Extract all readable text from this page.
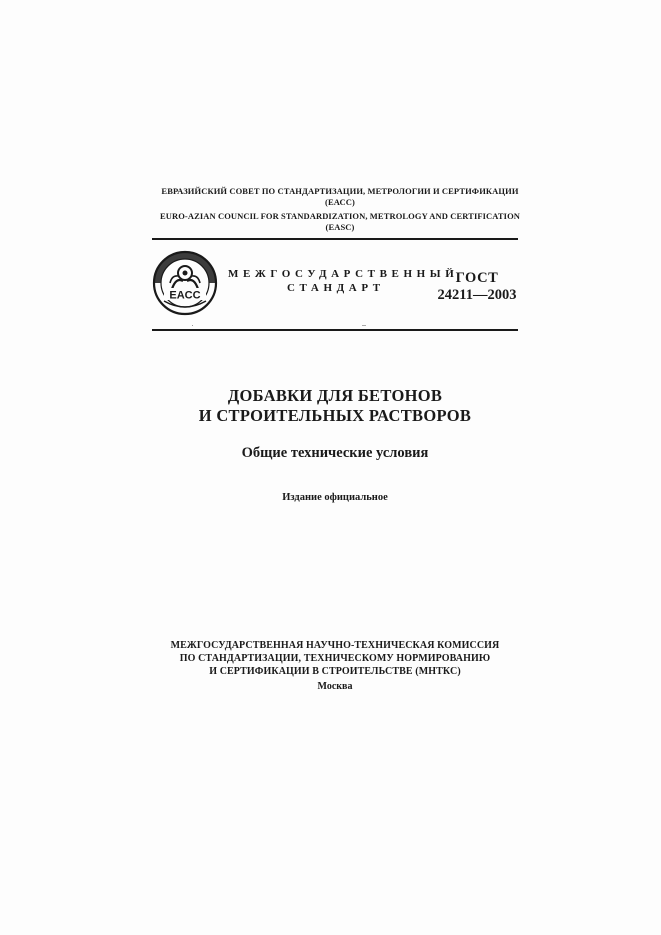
ЕВРАЗИЙСКИЙ СОВЕТ ПО СТАНДАРТИЗАЦИИ, МЕТРОЛОГИИ И СЕРТИФИКАЦИИ
(ЕАСС)
EURO-AZIAN COUNCIL FOR STANDARDIZATION, METROLOGY AND CERTIFICATION
(EASC)
EACC
МЕЖГОСУДАРСТВЕННЫЙ
СТАНДАРТ
ГОСТ
24211—2003
ДОБАВКИ ДЛЯ БЕТОНОВ
И СТРОИТЕЛЬНЫХ РАСТВОРОВ
Общие технические условия
Издание официальное
МЕЖГОСУДАРСТВЕННАЯ НАУЧНО-ТЕХНИЧЕСКАЯ КОМИССИЯ
ПО СТАНДАРТИЗАЦИИ, ТЕХНИЧЕСКОМУ НОРМИРОВАНИЮ
И СЕРТИФИКАЦИИ В СТРОИТЕЛЬСТВЕ (МНТКС)
Москва
